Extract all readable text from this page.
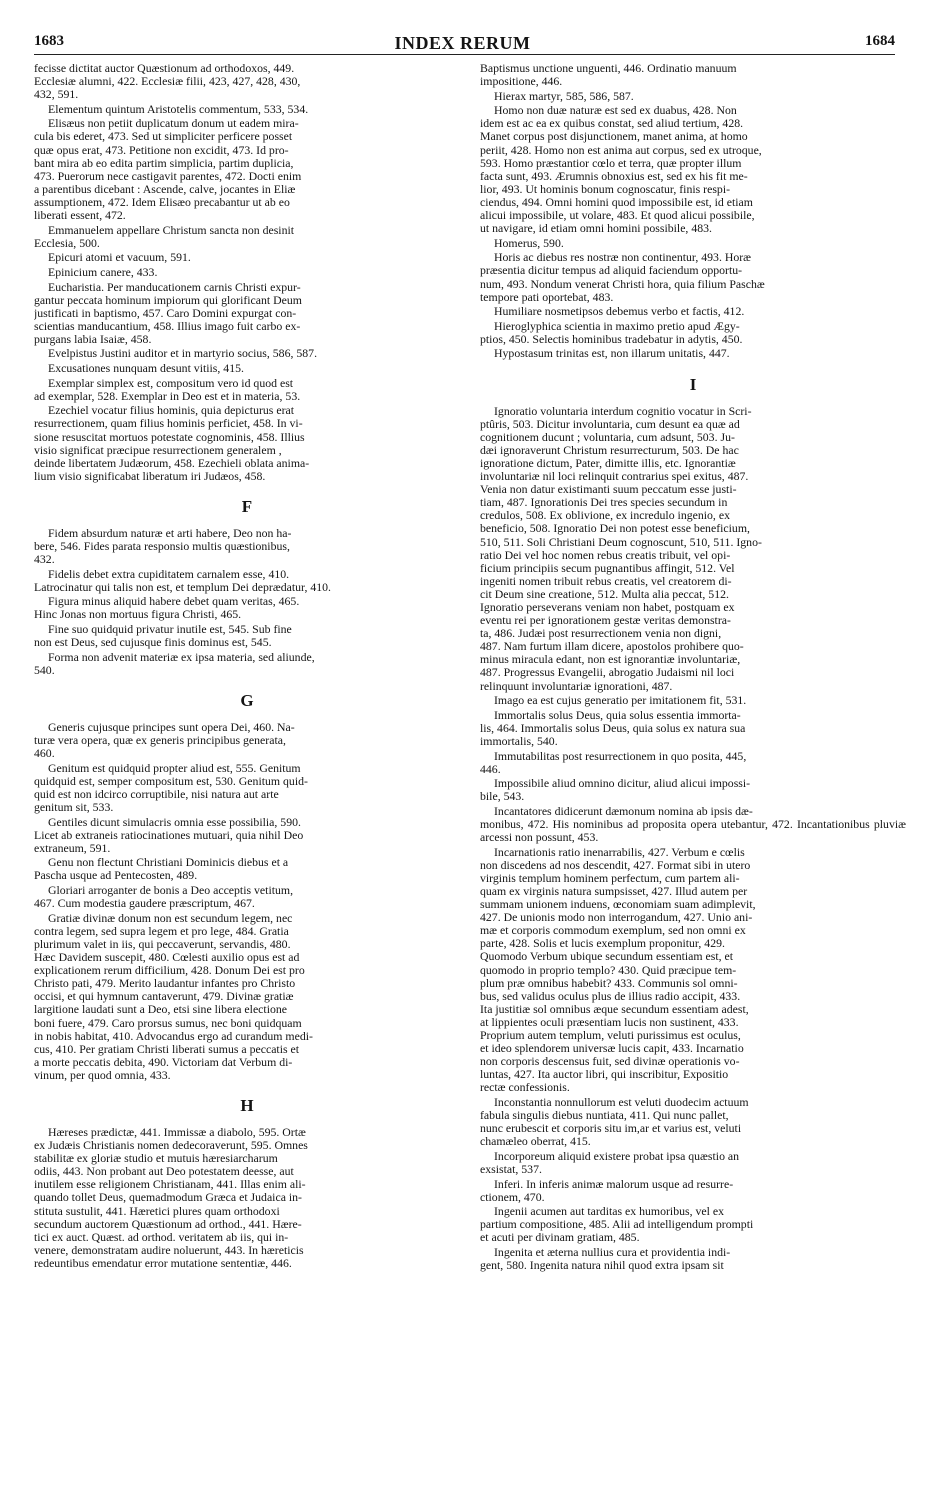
1683	INDEX RERUM	1684

fecisse dictitat auctor Quæstionum ad orthodoxos, 449.
Ecclesiæ alumni, 422. Ecclesiæ filii, 423, 427, 428, 430,
432, 591.

Elementum quintum Aristotelis commentum, 533, 534.

Elisæus non petiit duplicatum donum ut eadem mira-
cula bis ederet, 473. Sed ut simpliciter perficere posset
quæ opus erat, 473. Petitione non excidit, 473. Id pro-
bant mira ab eo edita partim simplicia, partim duplicia,
473. Puerorum nece castigavit parentes, 472. Docti enim
a parentibus dicebant : Ascende, calve, jocantes in Eliæ
assumptionem, 472. Idem Elisæo precabantur ut ab eo
liberati essent, 472.

Emmanuelem appellare Christum sancta non desinit
Ecclesia, 500.

Epicuri atomi et vacuum, 591.

Epinicium canere, 433.

Eucharistia. Per manducationem carnis Christi expur-
gantur peccata hominum impiorum qui glorificant Deum
justificati in baptismo, 457. Caro Domini expurgat con-
scientias manducantium, 458. Illius imago fuit carbo ex-
purgans labia Isaiæ, 458.

Evelpistus Justini auditor et in martyrio socius, 586, 587.

Excusationes nunquam desunt vitiis, 415.

Exemplar simplex est, compositum vero id quod est
ad exemplar, 528. Exemplar in Deo est et in materia, 53.

Ezechiel vocatur filius hominis, quia depicturus erat
resurrectionem, quam filius hominis perficiet, 458. In vi-
sione resuscitat mortuos potestate cognominis, 458. Illius
visio significat præcipue resurrectionem generalem ,
deinde libertatem Judæorum, 458. Ezechieli oblata anima-
lium visio significabat liberatum iri Judæos, 458.

F

Fidem absurdum naturæ et arti habere, Deo non ha-
bere, 546. Fides parata responsio multis quæstionibus,
432.

Fidelis debet extra cupiditatem carnalem esse, 410.
Latrocinatur qui talis non est, et templum Dei deprædatur, 410.

Figura minus aliquid habere debet quam veritas, 465.
Hinc Jonas non mortuus figura Christi, 465.

Fine suo quidquid privatur inutile est, 545. Sub fine
non est Deus, sed cujusque finis dominus est, 545.

Forma non advenit materiæ ex ipsa materia, sed aliunde,
540.

G

Generis cujusque principes sunt opera Dei, 460. Na-
turæ vera opera, quæ ex generis principibus generata,
460.

Genitum est quidquid propter aliud est, 555. Genitum
quidquid est, semper compositum est, 530. Genitum quid-
quid est non idcirco corruptibile, nisi natura aut arte
genitum sit, 533.

Gentiles dicunt simulacris omnia esse possibilia, 590.
Licet ab extraneis ratiocinationes mutuari, quia nihil Deo
extraneum, 591.

Genu non flectunt Christiani Dominicis diebus et a
Pascha usque ad Pentecosten, 489.

Gloriari arroganter de bonis a Deo acceptis vetitum,
467. Cum modestia gaudere præscriptum, 467.

Gratiæ divinæ donum non est secundum legem, nec
contra legem, sed supra legem et pro lege, 484. Gratia
plurimum valet in iis, qui peccaverunt, servandis, 480.
Hæc Davidem suscepit, 480. Cœlesti auxilio opus est ad
explicationem rerum difficilium, 428. Donum Dei est pro
Christo pati, 479. Merito laudantur infantes pro Christo
occisi, et qui hymnum cantaverunt, 479. Divinæ gratiæ
largitione laudati sunt a Deo, etsi sine libera electione
boni fuere, 479. Caro prorsus sumus, nec boni quidquam
in nobis habitat, 410. Advocandus ergo ad curandum medi-
cus, 410. Per gratiam Christi liberati sumus a peccatis et
a morte peccatis debita, 490. Victoriam dat Verbum di-
vinum, per quod omnia, 433.

H

Hæreses prædictæ, 441. Immissæ a diabolo, 595. Ortæ
ex Judæis Christianis nomen dedecoraverunt, 595. Omnes
stabilitæ ex gloriæ studio et mutuis hæresiarcharum
odiis, 443. Non probant aut Deo potestatem deesse, aut
inutilem esse religionem Christianam, 441. Illas enim ali-
quando tollet Deus, quemadmodum Græca et Judaica in-
stituta sustulit, 441. Hæretici plures quam orthodoxi
secundum auctorem Quæstionum ad orthod., 441. Hære-
tici ex auct. Quæst. ad orthod. veritatem ab iis, qui in-
venere, demonstratam audire noluerunt, 443. In hæreticis
redeuntibus emendatur error mutatione sententiæ, 446.

Baptismus unctione unguenti, 446. Ordinatio manuum
impositione, 446.

Hierax martyr, 585, 586, 587.

Homo non duæ naturæ est sed ex duabus, 428. Non
idem est ac ea ex quibus constat, sed aliud tertium, 428.
Manet corpus post disjunctionem, manet anima, at homo
periit, 428. Homo non est anima aut corpus, sed ex utroque,
593. Homo præstantior cœlo et terra, quæ propter illum
facta sunt, 493. Ærumnis obnoxius est, sed ex his fit me-
lior, 493. Ut hominis bonum cognoscatur, finis respi-
ciendus, 494. Omni homini quod impossibile est, id etiam
alicui impossibile, ut volare, 483. Et quod alicui possibile,
ut navigare, id etiam omni homini possibile, 483.

Homerus, 590.

Horis ac diebus res nostræ non continentur, 493. Horæ
præsentia dicitur tempus ad aliquid faciendum opportu-
num, 493. Nondum venerat Christi hora, quia filium Paschæ
tempore pati oportebat, 483.

Humiliare nosmetipsos debemus verbo et factis, 412.

Hieroglyphica scientia in maximo pretio apud Ægy-
ptios, 450. Selectis hominibus tradebatur in adytis, 450.

Hypostasum trinitas est, non illarum unitatis, 447.

I

Ignoratio voluntaria interdum cognitio vocatur in Scri-
ptûris, 503. Dicitur involuntaria, cum desunt ea quæ ad
cognitionem ducunt ; voluntaria, cum adsunt, 503. Ju-
dæi ignoraverunt Christum resurrecturum, 503. De hac
ignoratione dictum, Pater, dimitte illis, etc. Ignorantiæ
involuntariæ nil loci relinquit contrarius spei exitus, 487.
Venia non datur existimanti suum peccatum esse justi-
tiam, 487. Ignorationis Dei tres species secundum in
credulos, 508. Ex oblivione, ex incredulo ingenio, ex
beneficio, 508. Ignoratio Dei non potest esse beneficium,
510, 511. Soli Christiani Deum cognoscunt, 510, 511. Igno-
ratio Dei vel hoc nomen rebus creatis tribuit, vel opi-
ficium principiis secum pugnantibus affingit, 512. Vel
ingeniti nomen tribuit rebus creatis, vel creatorem di-
cit Deum sine creatione, 512. Multa alia peccat, 512.
Ignoratio perseverans veniam non habet, postquam ex
eventu rei per ignorationem gestæ veritas demonstra-
ta, 486. Judæi post resurrectionem venia non digni,
487. Nam furtum illam dicere, apostolos prohibere quo-
minus miracula edant, non est ignorantiæ involuntariæ,
487. Progressus Evangelii, abrogatio Judaismi nil loci
relinquunt involuntariæ ignorationi, 487.

Imago ea est cujus generatio per imitationem fit, 531.

Immortalis solus Deus, quia solus essentia immorta-
lis, 464. Immortalis solus Deus, quia solus ex natura sua
immortalis, 540.

Immutabilitas post resurrectionem in quo posita, 445,
446.

Impossibile aliud omnino dicitur, aliud alicui impossi-
bile, 543.

Incantatores didicerunt dæmonum nomina ab ipsis dæ-
monibus, 472. His nominibus ad proposita opera utebantur, 472. Incantationibus pluviæ arcessi non possunt, 453.

Incarnationis ratio inenarrabilis, 427. Verbum e cœlis
non discedens ad nos descendit, 427. Format sibi in utero
virginis templum hominem perfectum, cum partem ali-
quam ex virginis natura sumpsisset, 427. Illud autem per
summam unionem induens, œconomiam suam adimplevit,
427. De unionis modo non interrogandum, 427. Unio ani-
mæ et corporis commodum exemplum, sed non omni ex
parte, 428. Solis et lucis exemplum proponitur, 429.
Quomodo Verbum ubique secundum essentiam est, et
quomodo in proprio templo? 430. Quid præcipue tem-
plum præ omnibus habebit? 433. Communis sol omni-
bus, sed validus oculus plus de illius radio accipit, 433.
Ita justitiæ sol omnibus æque secundum essentiam adest,
at lippientes oculi præsentiam lucis non sustinent, 433.
Proprium autem templum, veluti purissimus est oculus,
et ideo splendorem universæ lucis capit, 433. Incarnatio
non corporis descensus fuit, sed divinæ operationis vo-
luntas, 427. Ita auctor libri, qui inscribitur, Expositio
rectæ confessionis.

Inconstantia nonnullorum est veluti duodecim actuum
fabula singulis diebus nuntiata, 411. Qui nunc pallet,
nunc erubescit et corporis situ im,ar et varius est, veluti
chamæleo oberrat, 415.

Incorporeum aliquid existere probat ipsa quæstio an
exsistat, 537.

Inferi. In inferis animæ malorum usque ad resurre-
ctionem, 470.

Ingenii acumen aut tarditas ex humoribus, vel ex
partium compositione, 485. Alii ad intelligendum prompti
et acuti per divinam gratiam, 485.

Ingenita et æterna nullius cura et providentia indi-
gent, 580. Ingenita natura nihil quod extra ipsam sit
